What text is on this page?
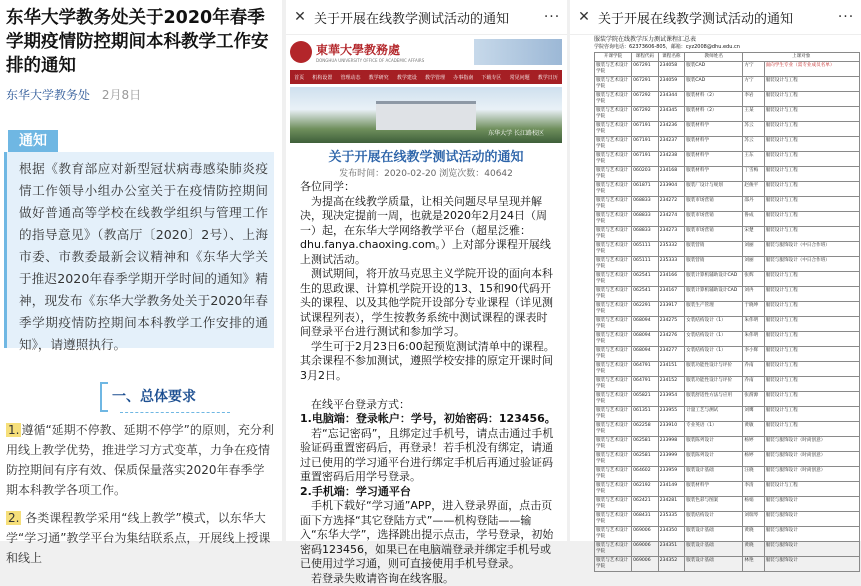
东华大学教务处关于2020年春季学期疫情防控期间本科教学工作安排的通知
东华大学教务处 2月8日
通知
根据《教育部应对新型冠状病毒感染肺炎疫情工作领导小组办公室关于在疫情防控期间做好普通高等学校在线教学组织与管理工作的指导意见》（教高厅〔2020〕2号）、上海市委、市教委最新会议精神和《东华大学关于推迟2020年春季学期开学时间的通知》精神，现发布《东华大学教务处关于2020年春季学期疫情防控期间本科教学工作安排的通知》，请遵照执行。
一、总体要求
1. 遵循“延期不停教、延期不停学”的原则，充分利用线上教学优势，推进学习方式变革，力争在疫情防控期间有序有效、保质保量落实2020年春季学期本科教学各项工作。
2. 各类课程教学采用“线上教学”模式，以东华大学“学习通”教学平台为集结联系点，开展线上授课和线上
✕ 关于开展在线教学测试活动的通知	···
東華大學教務處
DONGHUA UNIVERSITY OFFICE OF ACADEMIC AFFAIRS
首页 机构设置 管理动态 教学研究 教学建设 教学管理 办事指南 下载专区 常见问题 教学日历
东华大学 长江路校区
关于开展在线教学测试活动的通知
发布时间：2020-02-20 浏览次数：40642

各位同学：

　为提高在线教学质量，让相关问题尽早呈现并解决，现决定提前一周，也就是2020年2月24日（周一）起，在东华大学网络教学平台（超星泛雅：dhu.fanya.chaoxing.com。）上对部分课程开展线上测试活动。

　测试期间，将开放马克思主义学院开设的面向本科生的思政课、计算机学院开设的13、15和90代码开头的课程、以及其他学院开设部分专业课程（详见测试课程列表），学生按教务系统中测试课程的课表时间登录平台进行测试和参加学习。

　学生可于2月23日6:00起预览测试清单中的课程。其余课程不参加测试，遵照学校安排的原定开课时间3月2日。

　在线平台登录方式：

1.电脑端：登录帐户：学号，初始密码：123456。

　若“忘记密码”，且绑定过手机号，请点击通过手机验证码重置密码后，再登录！若手机没有绑定，请通过已使用的学习通平台进行绑定手机后再通过验证码重置密码后用学号登录。

2.手机端：学习通平台

　手机下载好“学习通”APP，进入登录界面，点击页面下方选择“其它登陆方式”——机构登陆——输入“东华大学”，选择跳出提示点击，学号登录，初始密码123456，如果已在电脑端登录并绑定手机号或已使用过学习通，则可直接使用手机号登录。

　若登录失败请咨询在线客服。

✕ 关于开展在线教学测试活动的通知	···
服装学院在线教学压力测试课程汇总表
学院咨询电话：62373606-805，邮箱：cyz2008@dhu.edu.cn
开课学院	课程代码	课程名称	教师姓名	上课对象	
服装与艺术设计学院	067291	234058	服装CAD	方宁	面向学生专业（需专业成员名单）
服装与艺术设计学院	067291	234059	服装CAD	方宁	服装设计与工程
服装与艺术设计学院	067292	234344	服装材料（2）	李岩	服装设计与工程
服装与艺术设计学院	067292	234345	服装材料（2）	王某	服装设计与工程
服装与艺术设计学院	067191	234236	服装材料学	苏云	服装设计与工程
服装与艺术设计学院	067191	234237	服装材料学	苏云	服装设计与工程
服装与艺术设计学院	067191	234238	服装材料学	王东	服装设计与工程
服装与艺术设计学院	060203	234168	服装材料学	丁雪梅	服装设计与工程
服装与艺术设计学院	061871	233904	服装厂设计与规划	赵俊平	服装设计与工程
服装与艺术设计学院	068833	234272	服装市场营销	邵丹	服装设计与工程
服装与艺术设计学院	068833	234274	服装市场营销	鲁成	服装设计与工程
服装与艺术设计学院	068833	234273	服装市场营销	宋楚	服装设计与工程
服装与艺术设计学院	065111	235332	服装营销	刘丽	服装与服饰设计（中日合作班）
服装与艺术设计学院	065111	235333	服装营销	刘丽	服装与服饰设计（中日合作班）
服装与艺术设计学院	062541	234166	服装计算机辅助设计CAD	张辉	服装设计与工程
服装与艺术设计学院	062541	234167	服装计算机辅助设计CAD	刘冉	服装设计与工程
服装与艺术设计学院	062291	233917	服装生产管理	于晓坤	服装设计与工程
服装与艺术设计学院	068094	234275	女装结构设计（1）	朱伟明	服装设计与工程
服装与艺术设计学院	068094	234276	女装结构设计（1）	朱伟明	服装设计与工程
服装与艺术设计学院	068094	234277	女装结构设计（1）	李小辉	服装设计与工程
服装与艺术设计学院	064791	234151	服装功能性设计与评价	乔南	服装设计与工程
服装与艺术设计学院	064791	234152	服装功能性设计与评价	乔南	服装设计与工程
服装与艺术设计学院	065821	233954	服装舒适性方法与应用	张渭源	服装设计与工程
服装与艺术设计学院	061351	233955	计量工艺与测试	刘鹰	服装设计与工程
服装与艺术设计学院	062258	233910	专业英语（1）	黄敏	服装设计与工程
服装与艺术设计学院	062581	233998	服装陈列设计	杨婷	服装与服饰设计（时尚创意）
服装与艺术设计学院	062581	233999	服装陈列设计	杨婷	服装与服饰设计（时尚创意）
服装与艺术设计学院	064602	233959	服装设计基础	汪晓	服装与服饰设计（时尚创意）
服装与艺术设计学院	062192	234149	服装材料学	李清	服装设计与工程
服装与艺术设计学院	062421	234281	服装色彩与图案	杨娟	服装与服饰设计
服装与艺术设计学院	068431	235335	服装结构设计	刘瑞琴	服装与服饰设计
服装与艺术设计学院	069006	234350	服装设计基础	黄晓	服装与服饰设计
服装与艺术设计学院	069006	234351	服装设计基础	黄晓	服装与服饰设计
服装与艺术设计学院	069006	234352	服装设计基础	林艳	服装与服饰设计
